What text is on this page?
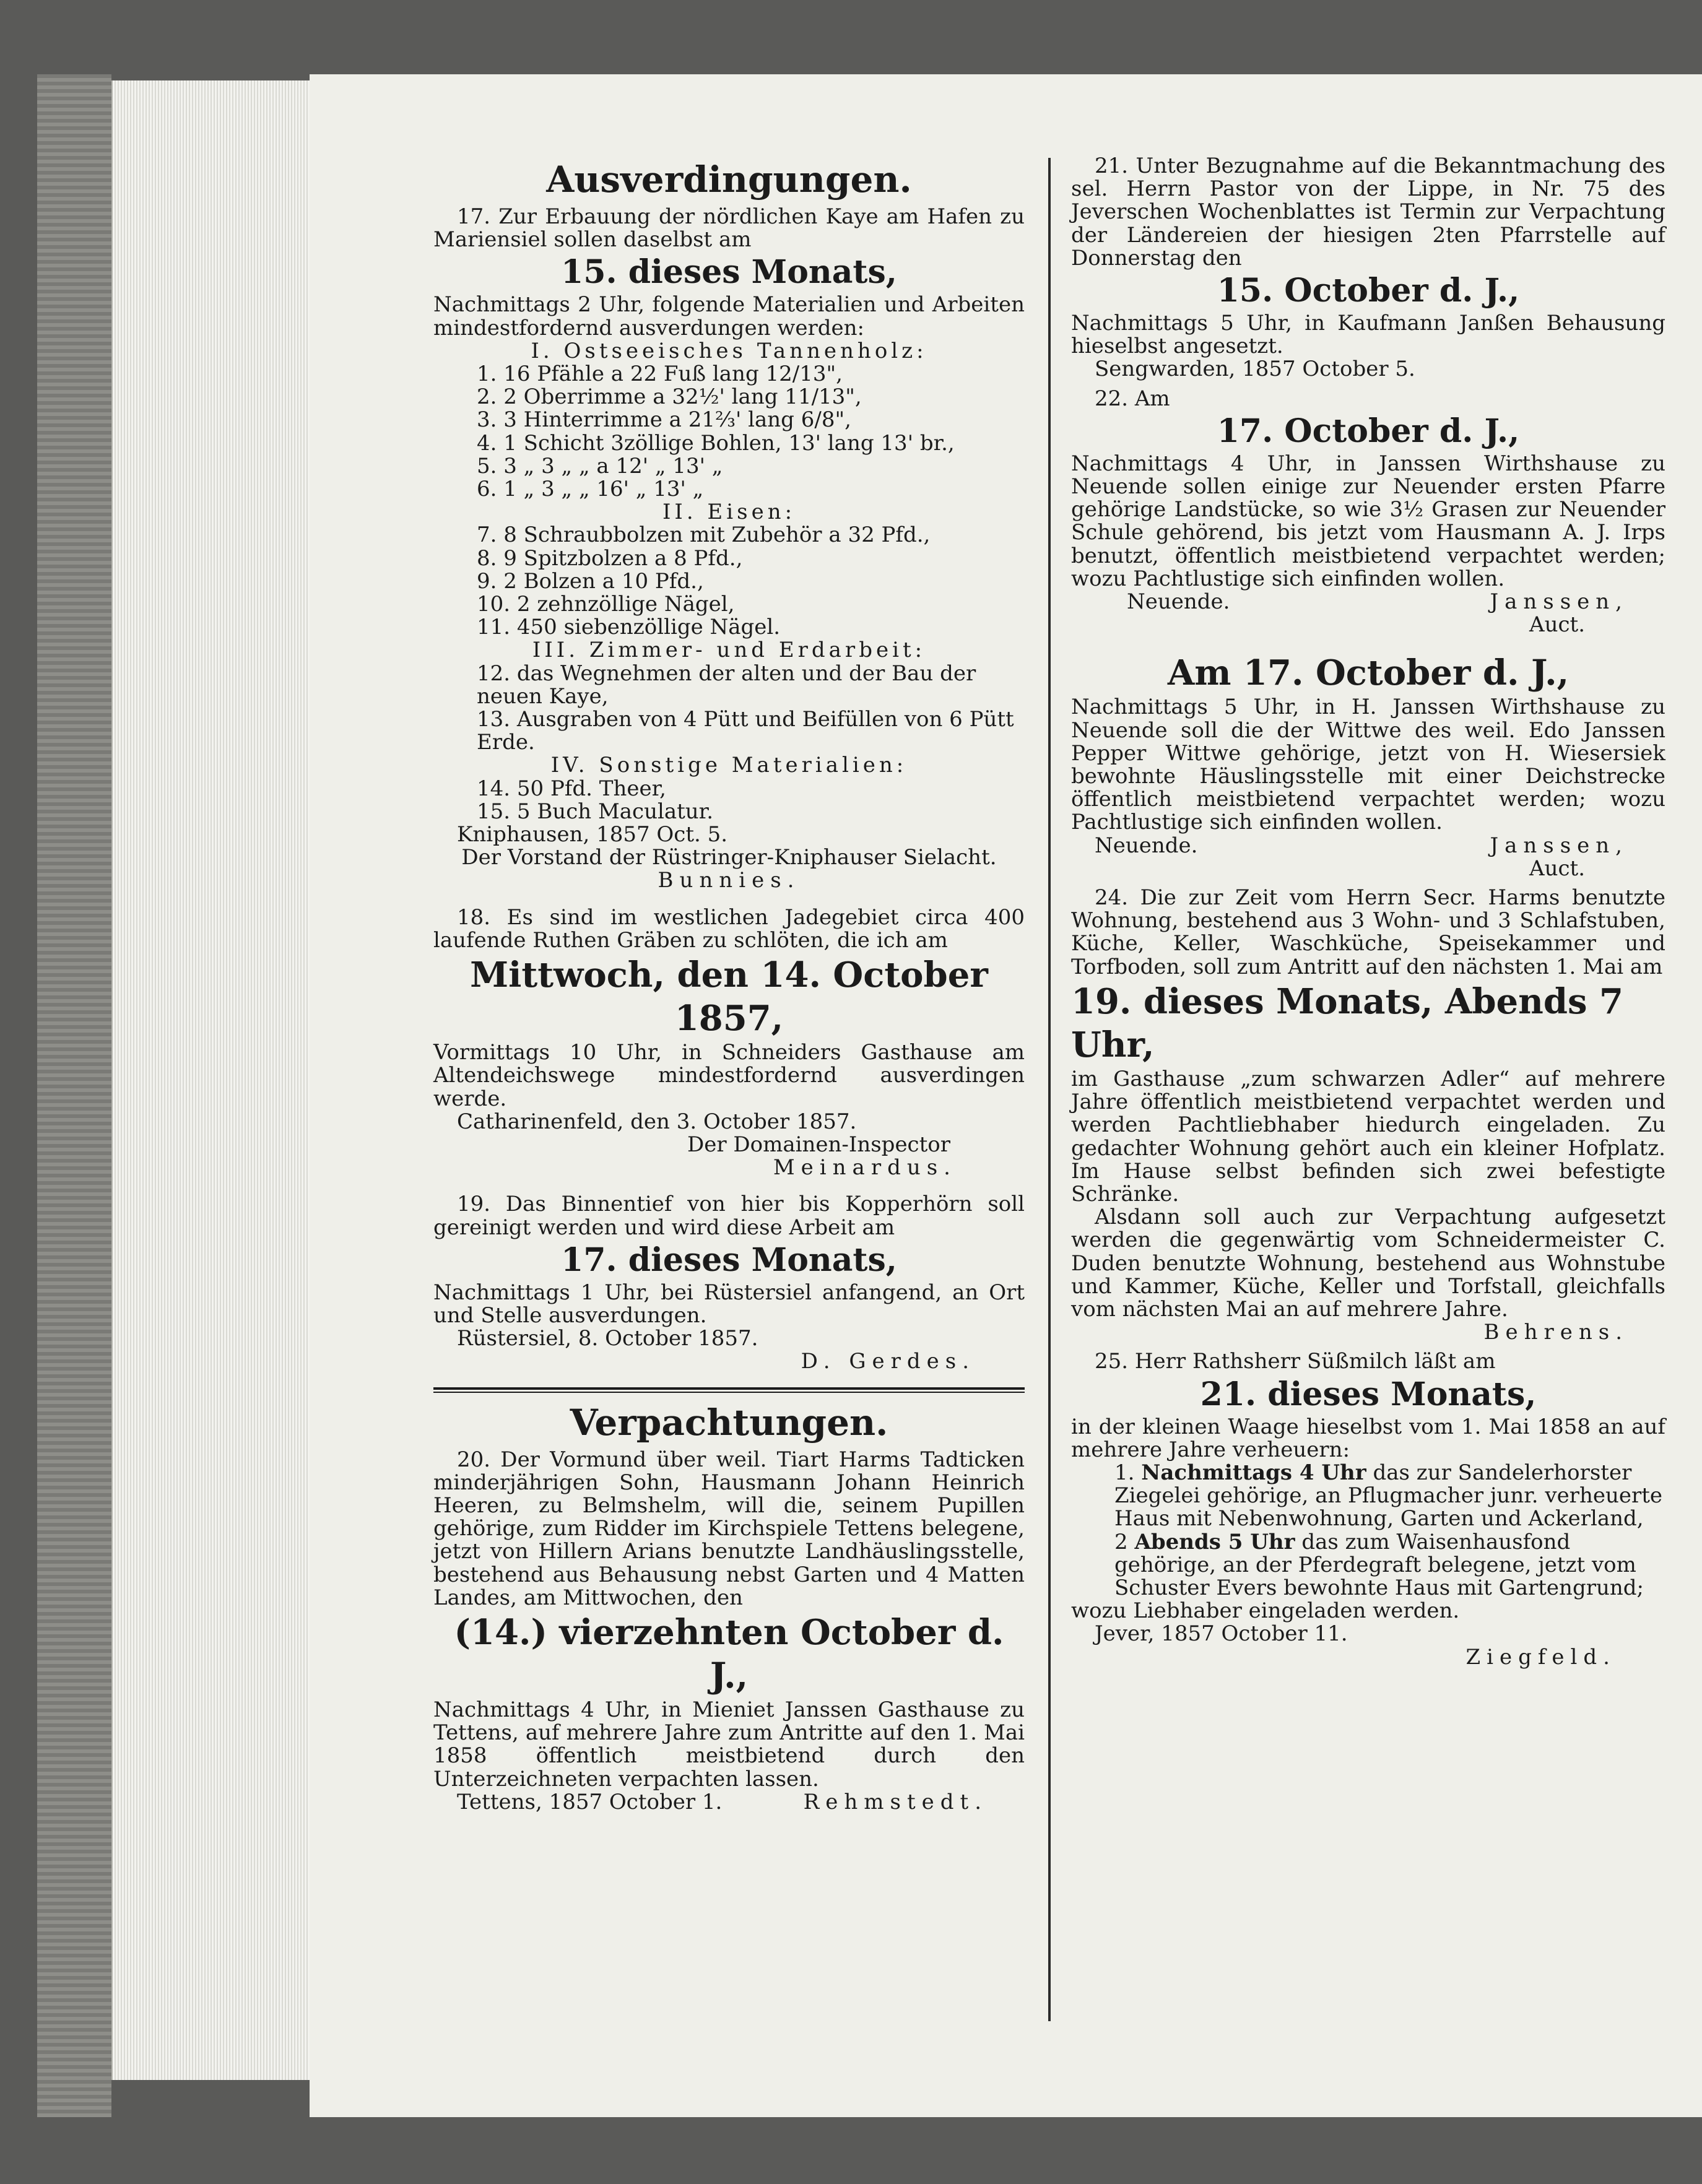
Ausverdingungen.

17. Zur Erbauung der nördlichen Kaye am Hafen zu Mariensiel sollen daselbst am

15. dieses Monats,

Nachmittags 2 Uhr, folgende Materialien und Arbeiten mindestfordernd ausverdungen werden:

I. Ostseeisches Tannenholz:
1. 16 Pfähle a 22 Fuß lang 12/13",
2. 2 Oberrimme a 32½' lang 11/13",
3. 3 Hinterrimme a 21⅔' lang 6/8",
4. 1 Schicht 3zöllige Bohlen, 13' lang 13' br.,
5. 3 „ 3 „ „ a 12' „ 13' „
6. 1 „ 3 „ „ 16' „ 13' „
II. Eisen:
7. 8 Schraubbolzen mit Zubehör a 32 Pfd.,
8. 9 Spitzbolzen a 8 Pfd.,
9. 2 Bolzen a 10 Pfd.,
10. 2 zehnzöllige Nägel,
11. 450 siebenzöllige Nägel.
III. Zimmer- und Erdarbeit:
12. das Wegnehmen der alten und der Bau der neuen Kaye,
13. Ausgraben von 4 Pütt und Beifüllen von 6 Pütt Erde.
IV. Sonstige Materialien:
14. 50 Pfd. Theer,
15. 5 Buch Maculatur.

Kniphausen, 1857 Oct. 5.

Der Vorstand der Rüstringer-Kniphauser Sielacht.

Bunnies.

18. Es sind im westlichen Jadegebiet circa 400 laufende Ruthen Gräben zu schlöten, die ich am

Mittwoch, den 14. October 1857,

Vormittags 10 Uhr, in Schneiders Gasthause am Altendeichswege mindestfordernd ausverdingen werde.

Catharinenfeld, den 3. October 1857.

Der Domainen-Inspector

Meinardus.

19. Das Binnentief von hier bis Kopperhörn soll gereinigt werden und wird diese Arbeit am

17. dieses Monats,

Nachmittags 1 Uhr, bei Rüstersiel anfangend, an Ort und Stelle ausverdungen.

Rüstersiel, 8. October 1857.

D. Gerdes.

Verpachtungen.

20. Der Vormund über weil. Tiart Harms Tadticken minderjährigen Sohn, Hausmann Johann Heinrich Heeren, zu Belmshelm, will die, seinem Pupillen gehörige, zum Ridder im Kirchspiele Tettens belegene, jetzt von Hillern Arians benutzte Landhäuslingsstelle, bestehend aus Behausung nebst Garten und 4 Matten Landes, am Mittwochen, den

(14.) vierzehnten October d. J.,

Nachmittags 4 Uhr, in Mieniet Janssen Gasthause zu Tettens, auf mehrere Jahre zum Antritte auf den 1. Mai 1858 öffentlich meistbietend durch den Unterzeichneten verpachten lassen.

Tettens, 1857 October 1.	Rehmstedt.

21. Unter Bezugnahme auf die Bekanntmachung des sel. Herrn Pastor von der Lippe, in Nr. 75 des Jeverschen Wochenblattes ist Termin zur Verpachtung der Ländereien der hiesigen 2ten Pfarrstelle auf Donnerstag den

15. October d. J.,

Nachmittags 5 Uhr, in Kaufmann Janßen Behausung hieselbst angesetzt.

Sengwarden, 1857 October 5.

22. Am

17. October d. J.,

Nachmittags 4 Uhr, in Janssen Wirthshause zu Neuende sollen einige zur Neuender ersten Pfarre gehörige Landstücke, so wie 3½ Grasen zur Neuender Schule gehörend, bis jetzt vom Hausmann A. J. Irps benutzt, öffentlich meistbietend verpachtet werden; wozu Pachtlustige sich einfinden wollen.

Neuende.	Janssen,

Auct.

Am 17. October d. J.,

Nachmittags 5 Uhr, in H. Janssen Wirthshause zu Neuende soll die der Wittwe des weil. Edo Janssen Pepper Wittwe gehörige, jetzt von H. Wiesersiek bewohnte Häuslingsstelle mit einer Deichstrecke öffentlich meistbietend verpachtet werden; wozu Pachtlustige sich einfinden wollen.

Neuende.	Janssen,

Auct.

24. Die zur Zeit vom Herrn Secr. Harms benutzte Wohnung, bestehend aus 3 Wohn- und 3 Schlafstuben, Küche, Keller, Waschküche, Speisekammer und Torfboden, soll zum Antritt auf den nächsten 1. Mai am

19. dieses Monats, Abends 7 Uhr,

im Gasthause „zum schwarzen Adler“ auf mehrere Jahre öffentlich meistbietend verpachtet werden und werden Pachtliebhaber hiedurch eingeladen. Zu gedachter Wohnung gehört auch ein kleiner Hofplatz. Im Hause selbst befinden sich zwei befestigte Schränke.

Alsdann soll auch zur Verpachtung aufgesetzt werden die gegenwärtig vom Schneidermeister C. Duden benutzte Wohnung, bestehend aus Wohnstube und Kammer, Küche, Keller und Torfstall, gleichfalls vom nächsten Mai an auf mehrere Jahre.

Behrens.

25. Herr Rathsherr Süßmilch läßt am

21. dieses Monats,

in der kleinen Waage hieselbst vom 1. Mai 1858 an auf mehrere Jahre verheuern:

1. Nachmittags 4 Uhr das zur Sandelerhorster Ziegelei gehörige, an Pflugmacher junr. verheuerte Haus mit Nebenwohnung, Garten und Ackerland,
2 Abends 5 Uhr das zum Waisenhausfond gehörige, an der Pferdegraft belegene, jetzt vom Schuster Evers bewohnte Haus mit Gartengrund;

wozu Liebhaber eingeladen werden.

Jever, 1857 October 11.

Ziegfeld.
